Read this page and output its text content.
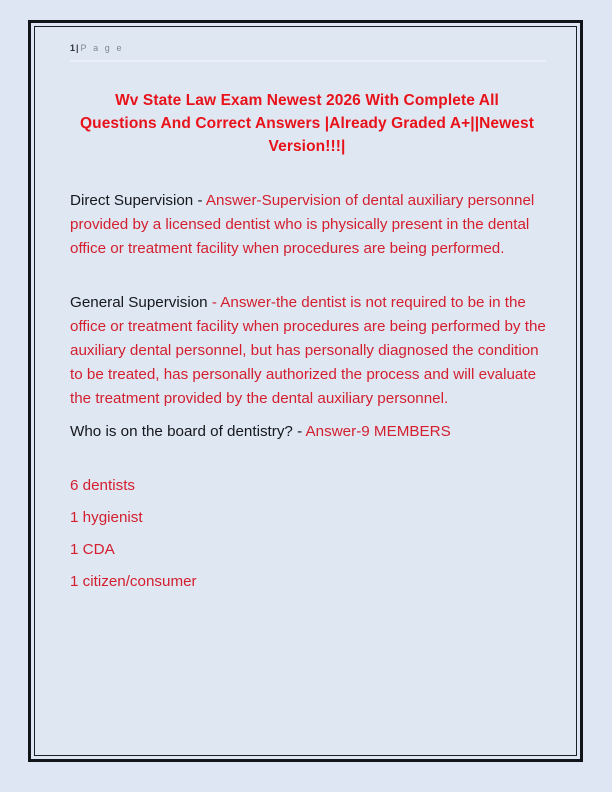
1| P a g e
Wv State Law Exam Newest 2026 With Complete All Questions And Correct Answers |Already Graded A+||Newest Version!!!|
Direct Supervision - Answer-Supervision of dental auxiliary personnel provided by a licensed dentist who is physically present in the dental office or treatment facility when procedures are being performed.
General Supervision - Answer-the dentist is not required to be in the office or treatment facility when procedures are being performed by the auxiliary dental personnel, but has personally diagnosed the condition to be treated, has personally authorized the process and will evaluate the treatment provided by the dental auxiliary personnel.
Who is on the board of dentistry? - Answer-9 MEMBERS
6 dentists
1 hygienist
1 CDA
1 citizen/consumer
